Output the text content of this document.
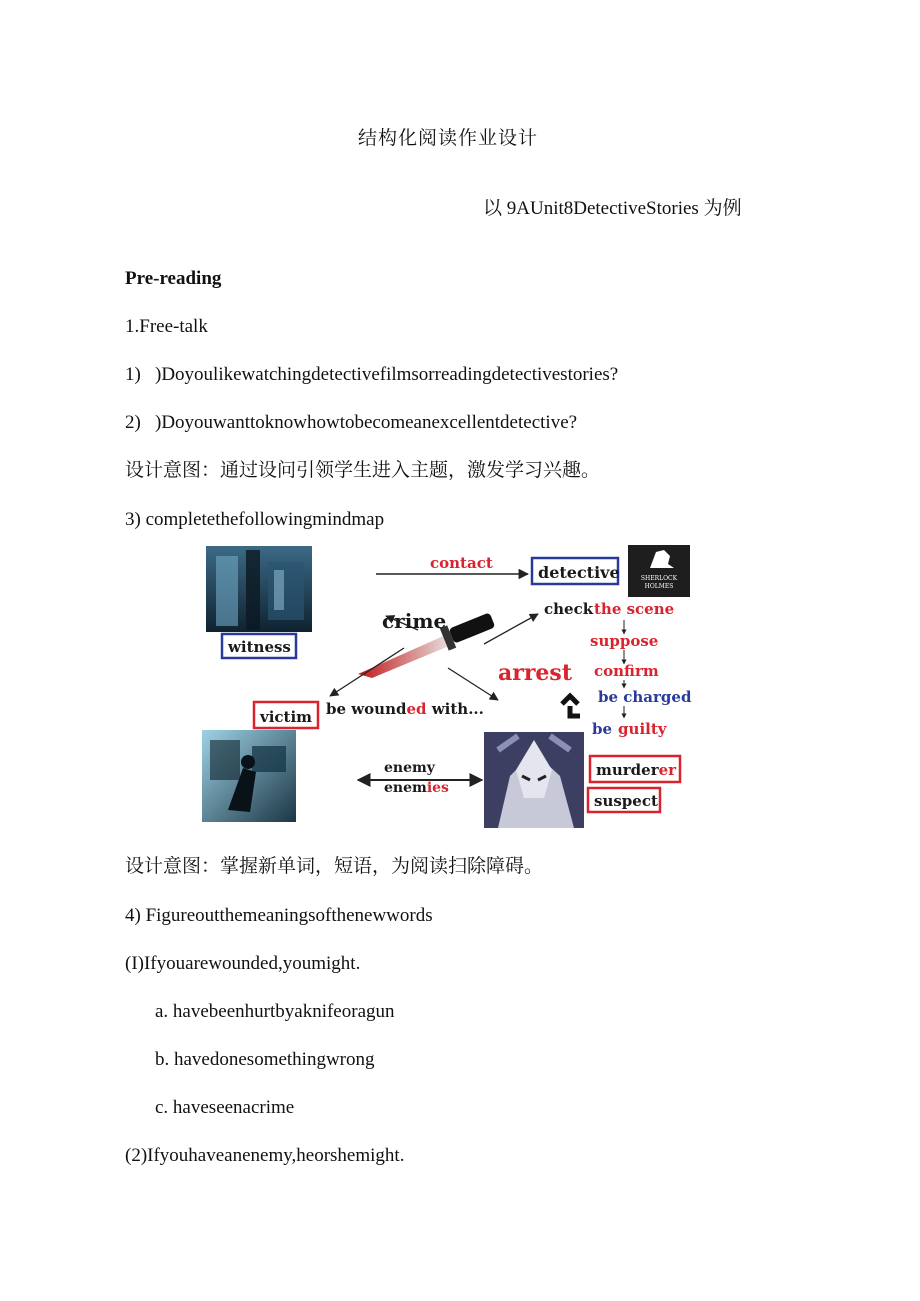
结构化阅读作业设计
以 9AUnit8DetectiveStories 为例
Pre-reading
1.Free-talk
1) )Doyoulikewatchingdetectivefilmsorreadingdetectivestories?
2) )Doyouwanttoknowhowtobecomeanexcellentdetective?
设计意图：通过设问引领学生进入主题，激发学习兴趣。
3) completethefollowingmindmap
SHERLOCK
HOLMES
contact	detective
check the scene
crime
witness	suppose
confirm
arrest
be charged
victim be wounded with...
be guilty
enemy
enemies
murderer
suspect
设计意图：掌握新单词，短语，为阅读扫除障碍。
4) Figureoutthemeaningsofthenewwords
(I)Ifyouarewounded,youmight.
a. havebeenhurtbyaknifeoragun
b. havedonesomethingwrong
c. haveseenacrime
(2)Ifyouhaveanenemy,heorshemight.
